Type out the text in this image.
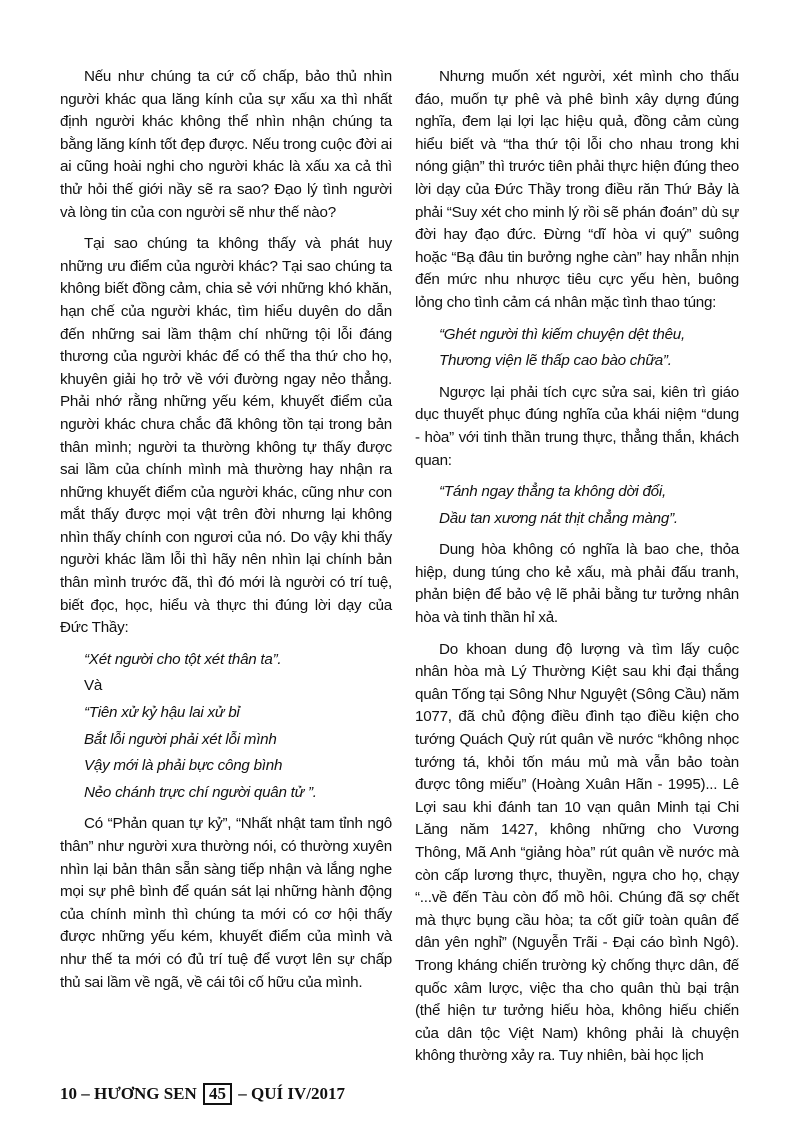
Nếu như chúng ta cứ cố chấp, bảo thủ nhìn người khác qua lăng kính của sự xấu xa thì nhất định người khác không thể nhìn nhận chúng ta bằng lăng kính tốt đẹp được. Nếu trong cuộc đời ai ai cũng hoài nghi cho người khác là xấu xa cả thì thử hỏi thế giới nầy sẽ ra sao? Đạo lý tình người và lòng tin của con người sẽ như thế nào?

Tại sao chúng ta không thấy và phát huy những ưu điểm của người khác? Tại sao chúng ta không biết đồng cảm, chia sẻ với những khó khăn, hạn chế của người khác, tìm hiểu duyên do dẫn đến những sai lầm thậm chí những tội lỗi đáng thương của người khác để có thể tha thứ cho họ, khuyên giải họ trở về với đường ngay nẻo thẳng. Phải nhớ rằng những yếu kém, khuyết điểm của người khác chưa chắc đã không tồn tại trong bản thân mình; người ta thường không tự thấy được sai lầm của chính mình mà thường hay nhận ra những khuyết điểm của người khác, cũng như con mắt thấy được mọi vật trên đời nhưng lại không nhìn thấy chính con ngươi của nó. Do vậy khi thấy người khác lầm lỗi thì hãy nên nhìn lại chính bản thân mình trước đã, thì đó mới là người có trí tuệ, biết đọc, học, hiểu và thực thi đúng lời dạy của Đức Thầy:

“Xét người cho tột xét thân ta”.

Và

“Tiên xử kỷ hậu lai xử bỉ

Bắt lỗi người phải xét lỗi mình

Vậy mới là phải bực công bình

Nẻo chánh trực chí người quân tử ”.

Có “Phản quan tự kỷ”, “Nhất nhật tam tỉnh ngô thân” như người xưa thường nói, có thường xuyên nhìn lại bản thân sẵn sàng tiếp nhận và lắng nghe mọi sự phê bình để quán sát lại những hành động của chính mình thì chúng ta mới có cơ hội thấy được những yếu kém, khuyết điểm của mình và như thế ta mới có đủ trí tuệ để vượt lên sự chấp thủ sai lầm về ngã, về cái tôi cố hữu của mình.

Nhưng muốn xét người, xét mình cho thấu đáo, muốn tự phê và phê bình xây dựng đúng nghĩa, đem lại lợi lạc hiệu quả, đồng cảm cùng hiểu biết và “tha thứ tội lỗi cho nhau trong khi nóng giận” thì trước tiên phải thực hiện đúng theo lời dạy của Đức Thầy trong điều răn Thứ Bảy là phải “Suy xét cho minh lý rồi sẽ phán đoán” dù sự đời hay đạo đức. Đừng “dĩ hòa vi quý” suông hoặc “Bạ đâu tin bưởng nghe càn” hay nhẫn nhịn đến mức nhu nhược tiêu cực yếu hèn, buông lỏng cho tình cảm cá nhân mặc tình thao túng:

“Ghét người thì kiếm chuyện dệt thêu,

Thương viện lẽ thấp cao bào chữa”.

Ngược lại phải tích cực sửa sai, kiên trì giáo dục thuyết phục đúng nghĩa của khái niệm “dung - hòa” với tinh thần trung thực, thẳng thắn, khách quan:

“Tánh ngay thẳng ta không dời đổi,

Dầu tan xương nát thịt chẳng màng”.

Dung hòa không có nghĩa là bao che, thỏa hiệp, dung túng cho kẻ xấu, mà phải đấu tranh, phản biện để bảo vệ lẽ phải bằng tư tưởng nhân hòa và tinh thần hỉ xả.

Do khoan dung độ lượng và tìm lấy cuộc nhân hòa mà Lý Thường Kiệt sau khi đại thắng quân Tống tại Sông Như Nguyệt (Sông Cầu) năm 1077, đã chủ động điều đình tạo điều kiện cho tướng Quách Quỳ rút quân về nước “không nhọc tướng tá, khỏi tốn máu mủ mà vẫn bảo toàn được tông miếu” (Hoàng Xuân Hãn - 1995)... Lê Lợi sau khi đánh tan 10 vạn quân Minh tại Chi Lăng năm 1427, không những cho Vương Thông, Mã Anh “giảng hòa” rút quân về nước mà còn cấp lương thực, thuyền, ngựa cho họ, chạy “...về đến Tàu còn đổ mồ hôi. Chúng đã sợ chết mà thực bụng cầu hòa; ta cốt giữ toàn quân để dân yên nghỉ” (Nguyễn Trãi - Đại cáo bình Ngô). Trong kháng chiến trường kỳ chống thực dân, đế quốc xâm lược, việc tha cho quân thù bại trận (thể hiện tư tưởng hiếu hòa, không hiếu chiến của dân tộc Việt Nam) không phải là chuyện không thường xảy ra. Tuy nhiên, bài học lịch

10 – HƯƠNG SEN 45 – QUÍ IV/2017
